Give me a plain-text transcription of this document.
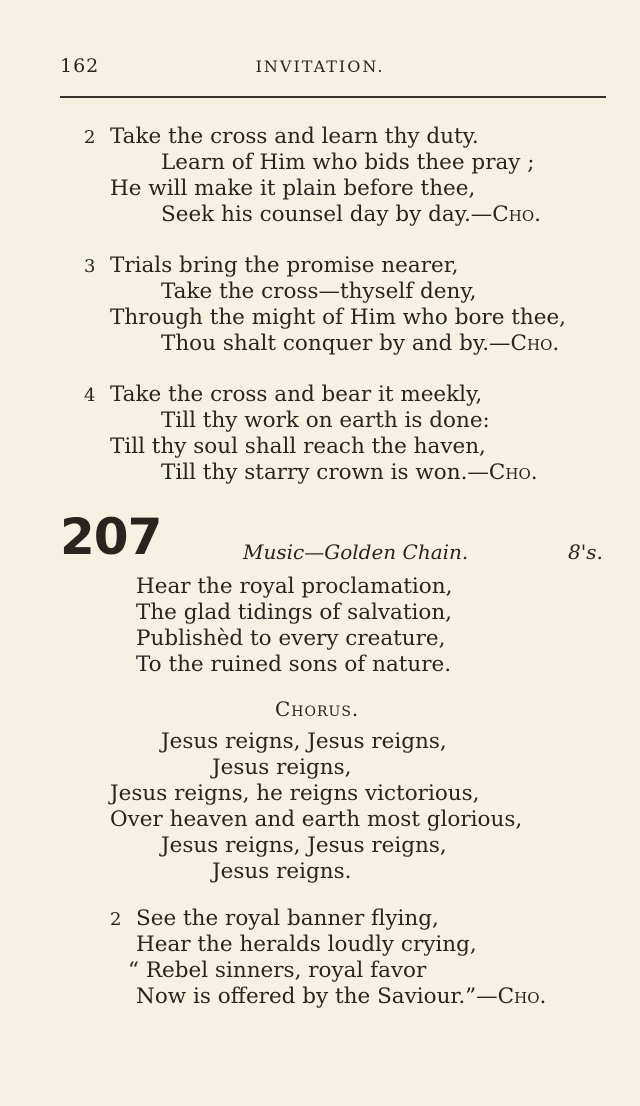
162	INVITATION.
2 Take the cross and learn thy duty.
Learn of Him who bids thee pray ;
He will make it plain before thee,
Seek his counsel day by day.—Cho.
3 Trials bring the promise nearer,
Take the cross—thyself deny,
Through the might of Him who bore thee,
Thou shalt conquer by and by.—Cho.
4 Take the cross and bear it meekly,
Till thy work on earth is done:
Till thy soul shall reach the haven,
Till thy starry crown is won.—Cho.
207	Music—Golden Chain.	8's.
Hear the royal proclamation,
The glad tidings of salvation,
Publishèd to every creature,
To the ruined sons of nature.
Chorus.
Jesus reigns, Jesus reigns,
Jesus reigns,
Jesus reigns, he reigns victorious,
Over heaven and earth most glorious,
Jesus reigns, Jesus reigns,
Jesus reigns.
2 See the royal banner flying,
Hear the heralds loudly crying,
“ Rebel sinners, royal favor
Now is offered by the Saviour.”—Cho.
